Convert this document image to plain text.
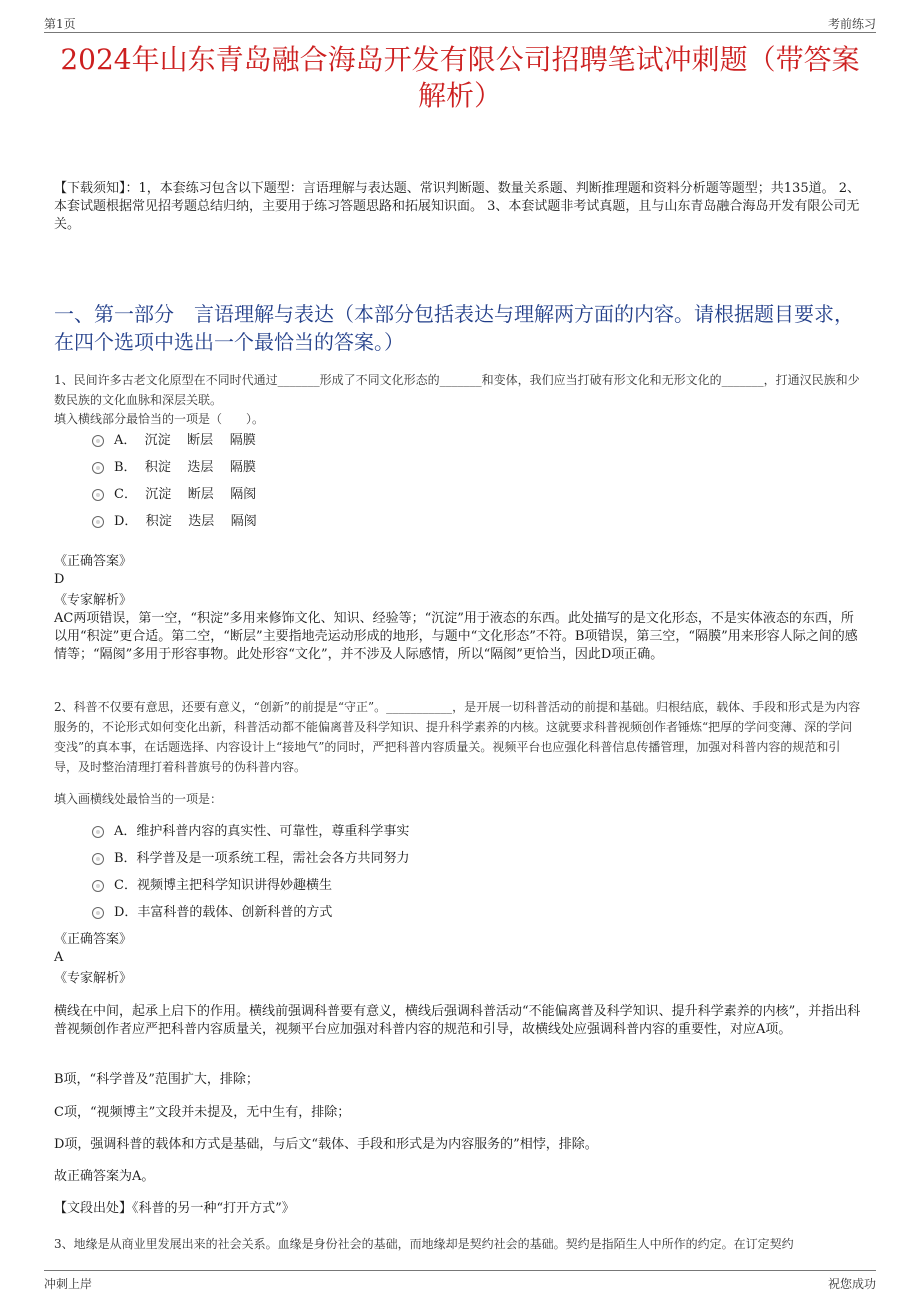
第1页	考前练习
2024年山东青岛融合海岛开发有限公司招聘笔试冲刺题（带答案解析）
【下载须知】：1，本套练习包含以下题型：言语理解与表达题、常识判断题、数量关系题、判断推理题和资料分析题等题型；共135道。 2、本套试题根据常见招考题总结归纳，主要用于练习答题思路和拓展知识面。 3、本套试题非考试真题，且与山东青岛融合海岛开发有限公司无关。
一、第一部分　言语理解与表达（本部分包括表达与理解两方面的内容。请根据题目要求，在四个选项中选出一个最恰当的答案。）
1、民间许多古老文化原型在不同时代通过_______形成了不同文化形态的_______和变体，我们应当打破有形文化和无形文化的_______，打通汉民族和少数民族的文化血脉和深层关联。
填入横线部分最恰当的一项是（　　）。
A．  沉淀    断层    隔膜
B．  积淀    迭层    隔膜
C．  沉淀    断层    隔阂
D．  积淀    迭层    隔阂
《正确答案》
D
《专家解析》
AC两项错误，第一空，“积淀”多用来修饰文化、知识、经验等；“沉淀”用于液态的东西。此处描写的是文化形态，不是实体液态的东西，所以用“积淀”更合适。第二空，“断层”主要指地壳运动形成的地形，与题中“文化形态”不符。B项错误，第三空，“隔膜”用来形容人际之间的感情等；“隔阂”多用于形容事物。此处形容“文化”，并不涉及人际感情，所以“隔阂”更恰当，因此D项正确。
2、科普不仅要有意思，还要有意义，“创新”的前提是“守正”。___________，是开展一切科普活动的前提和基础。归根结底，载体、手段和形式是为内容服务的，不论形式如何变化出新，科普活动都不能偏离普及科学知识、提升科学素养的内核。这就要求科普视频创作者锤炼“把厚的学问变薄、深的学问变浅”的真本事，在话题选择、内容设计上“接地气”的同时，严把科普内容质量关。视频平台也应强化科普信息传播管理，加强对科普内容的规范和引导，及时整治清理打着科普旗号的伪科普内容。
填入画横线处最恰当的一项是：
A．维护科普内容的真实性、可靠性，尊重科学事实
B．科学普及是一项系统工程，需社会各方共同努力
C．视频博主把科学知识讲得妙趣横生
D．丰富科普的载体、创新科普的方式
《正确答案》
A
《专家解析》
横线在中间，起承上启下的作用。横线前强调科普要有意义，横线后强调科普活动“不能偏离普及科学知识、提升科学素养的内核”，并指出科普视频创作者应严把科普内容质量关，视频平台应加强对科普内容的规范和引导，故横线处应强调科普内容的重要性，对应A项。
B项，“科学普及”范围扩大，排除；
C项，“视频博主”文段并未提及，无中生有，排除；
D项，强调科普的载体和方式是基础，与后文“载体、手段和形式是为内容服务的”相悖，排除。
故正确答案为A。
【文段出处】《科普的另一种“打开方式”》
3、地缘是从商业里发展出来的社会关系。血缘是身份社会的基础，而地缘却是契约社会的基础。契约是指陌生人中所作的约定。在订定契约
冲刺上岸	祝您成功
